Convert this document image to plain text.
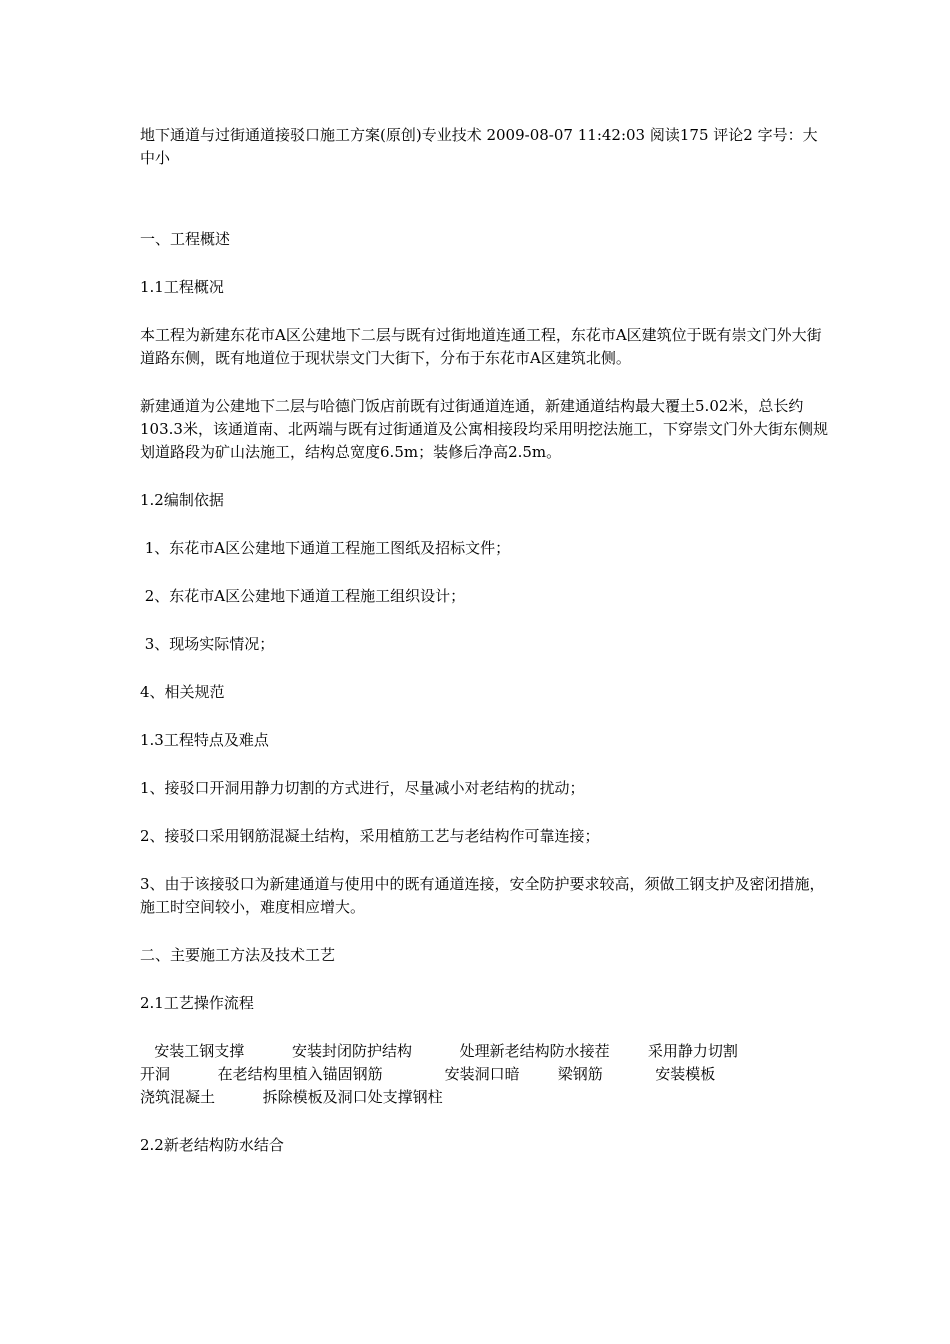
地下通道与过街通道接驳口施工方案(原创)专业技术 2009-08-07 11:42:03 阅读175 评论2 字号：大中小

一、工程概述

1.1工程概况

本工程为新建东花市A区公建地下二层与既有过街地道连通工程，东花市A区建筑位于既有崇文门外大街道路东侧，既有地道位于现状崇文门大街下，分布于东花市A区建筑北侧。

新建通道为公建地下二层与哈德门饭店前既有过街通道连通，新建通道结构最大覆土5.02米，总长约103.3米，该通道南、北两端与既有过街通道及公寓相接段均采用明挖法施工，下穿崇文门外大街东侧规划道路段为矿山法施工，结构总宽度6.5m；装修后净高2.5m。

1.2编制依据

1、东花市A区公建地下通道工程施工图纸及招标文件；

2、东花市A区公建地下通道工程施工组织设计；

3、现场实际情况；

4、相关规范

1.3工程特点及难点

1、接驳口开洞用静力切割的方式进行，尽量减小对老结构的扰动；

2、接驳口采用钢筋混凝土结构，采用植筋工艺与老结构作可靠连接；

3、由于该接驳口为新建通道与使用中的既有通道连接，安全防护要求较高，须做工钢支护及密闭措施，施工时空间较小，难度相应增大。

二、主要施工方法及技术工艺

2.1工艺操作流程

安装工钢支撑          安装封闭防护结构          处理新老结构防水接茬        采用静力切割

开洞          在老结构里植入锚固钢筋             安装洞口暗        梁钢筋           安装模板

浇筑混凝土          拆除模板及洞口处支撑钢柱

2.2新老结构防水结合
